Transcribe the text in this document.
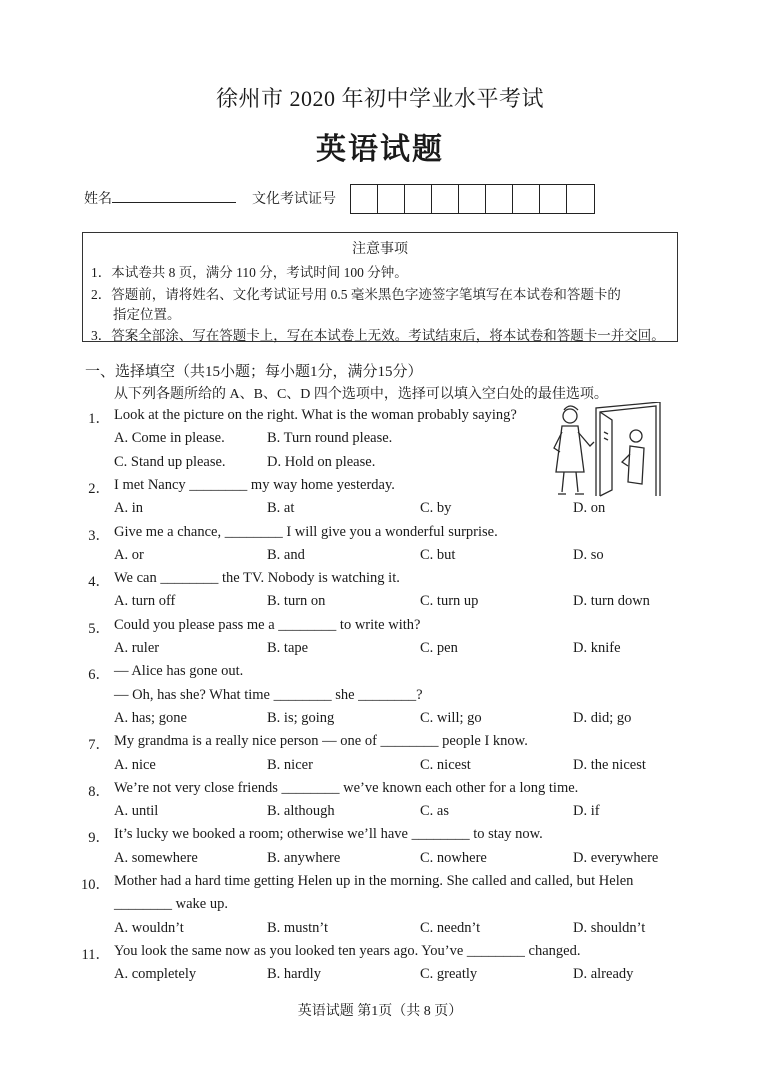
徐州市 2020 年初中学业水平考试
英语试题
姓名	文化考试证号
注意事项
1．本试卷共 8 页，满分 110 分，考试时间 100 分钟。
2．答题前，请将姓名、文化考试证号用 0.5 毫米黑色字迹签字笔填写在本试卷和答题卡的
指定位置。
3．答案全部涂、写在答题卡上，写在本试卷上无效。考试结束后，将本试卷和答题卡一并交回。
一、选择填空（共15小题；每小题1分，满分15分）
从下列各题所给的 A、B、C、D 四个选项中，选择可以填入空白处的最佳选项。
1． Look at the picture on the right. What is the woman probably saying?
A. Come in please.	B. Turn round please.
C. Stand up please.	D. Hold on please.
2． I met Nancy ________ my way home yesterday.
A. in	B. at	C. by	D. on
3． Give me a chance, ________ I will give you a wonderful surprise.
A. or	B. and	C. but	D. so
4． We can ________ the TV. Nobody is watching it.
A. turn off	B. turn on	C. turn up	D. turn down
5． Could you please pass me a ________ to write with?
A. ruler	B. tape	C. pen	D. knife
6． — Alice has gone out.
— Oh, has she? What time ________ she ________?
A. has; gone	B. is; going	C. will; go	D. did; go
7． My grandma is a really nice person — one of ________ people I know.
A. nice	B. nicer	C. nicest	D. the nicest
8． We’re not very close friends ________ we’ve known each other for a long time.
A. until	B. although	C. as	D. if
9． It’s lucky we booked a room; otherwise we’ll have ________ to stay now.
A. somewhere	B. anywhere	C. nowhere	D. everywhere
10． Mother had a hard time getting Helen up in the morning. She called and called, but Helen
________ wake up.
A. wouldn’t	B. mustn’t	C. needn’t	D. shouldn’t
11． You look the same now as you looked ten years ago. You’ve ________ changed.
A. completely	B. hardly	C. greatly	D. already
英语试题 第1页（共 8 页）
